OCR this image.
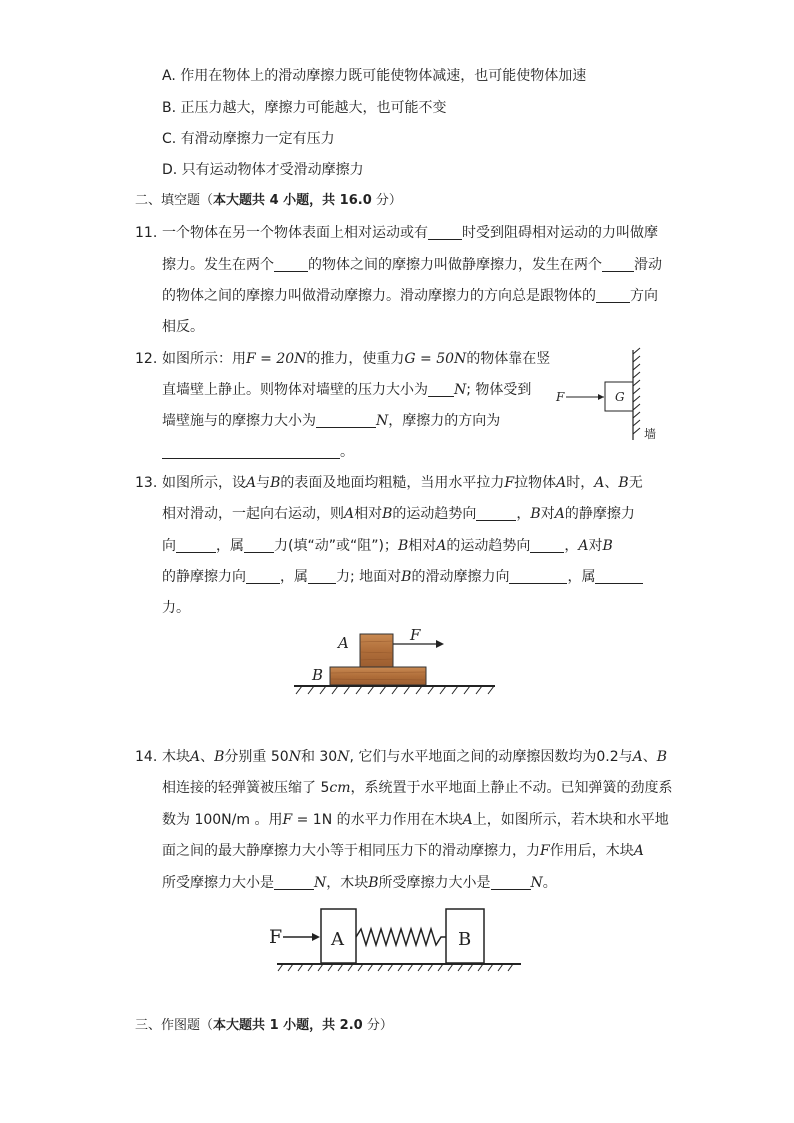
A. 作用在物体上的滑动摩擦力既可能使物体减速，也可能使物体加速
B. 正压力越大，摩擦力可能越大，也可能不变
C. 有滑动摩擦力一定有压力
D. 只有运动物体才受滑动摩擦力
二、填空题（本大题共 4 小题，共 16.0 分）
11. 一个物体在另一个物体表面上相对运动或有 时受到阻碍相对运动的力叫做摩
擦力。发生在两个 的物体之间的摩擦力叫做静摩擦力，发生在两个 滑动
的物体之间的摩擦力叫做滑动摩擦力。滑动摩擦力的方向总是跟物体的 方向
相反。
12. 如图所示：用F = 20N的推力，使重力G = 50N的物体靠在竖
直墙壁上静止。则物体对墙壁的压力大小为 N; 物体受到
墙壁施与的摩擦力大小为	N，摩擦力的方向为
。
F	G
墙
13. 如图所示，设A与B的表面及地面均粗糙，当用水平拉力F拉物体A时，A、B无
相对滑动，一起向右运动，则A相对B的运动趋势向	，B对A的静摩擦力
向	，属 力(填“动”或“阻”)；B相对A的运动趋势向 ，A对B
的静摩擦力向 ，属 力; 地面对B的滑动摩擦力向	，属
力。
A	F
B
14. 木块A、B分别重 50N和 30N, 它们与水平地面之间的动摩擦因数均为0.2与A、B
相连接的轻弹簧被压缩了 5cm，系统置于水平地面上静止不动。已知弹簧的劲度系
数为 100N/m 。用F = 1N 的水平力作用在木块A上，如图所示，若木块和水平地
面之间的最大静摩擦力大小等于相同压力下的滑动摩擦力，力F作用后，木块A
所受摩擦力大小是	N，木块B所受摩擦力大小是	N。
F	A	B
三、作图题（本大题共 1 小题，共 2.0 分）
